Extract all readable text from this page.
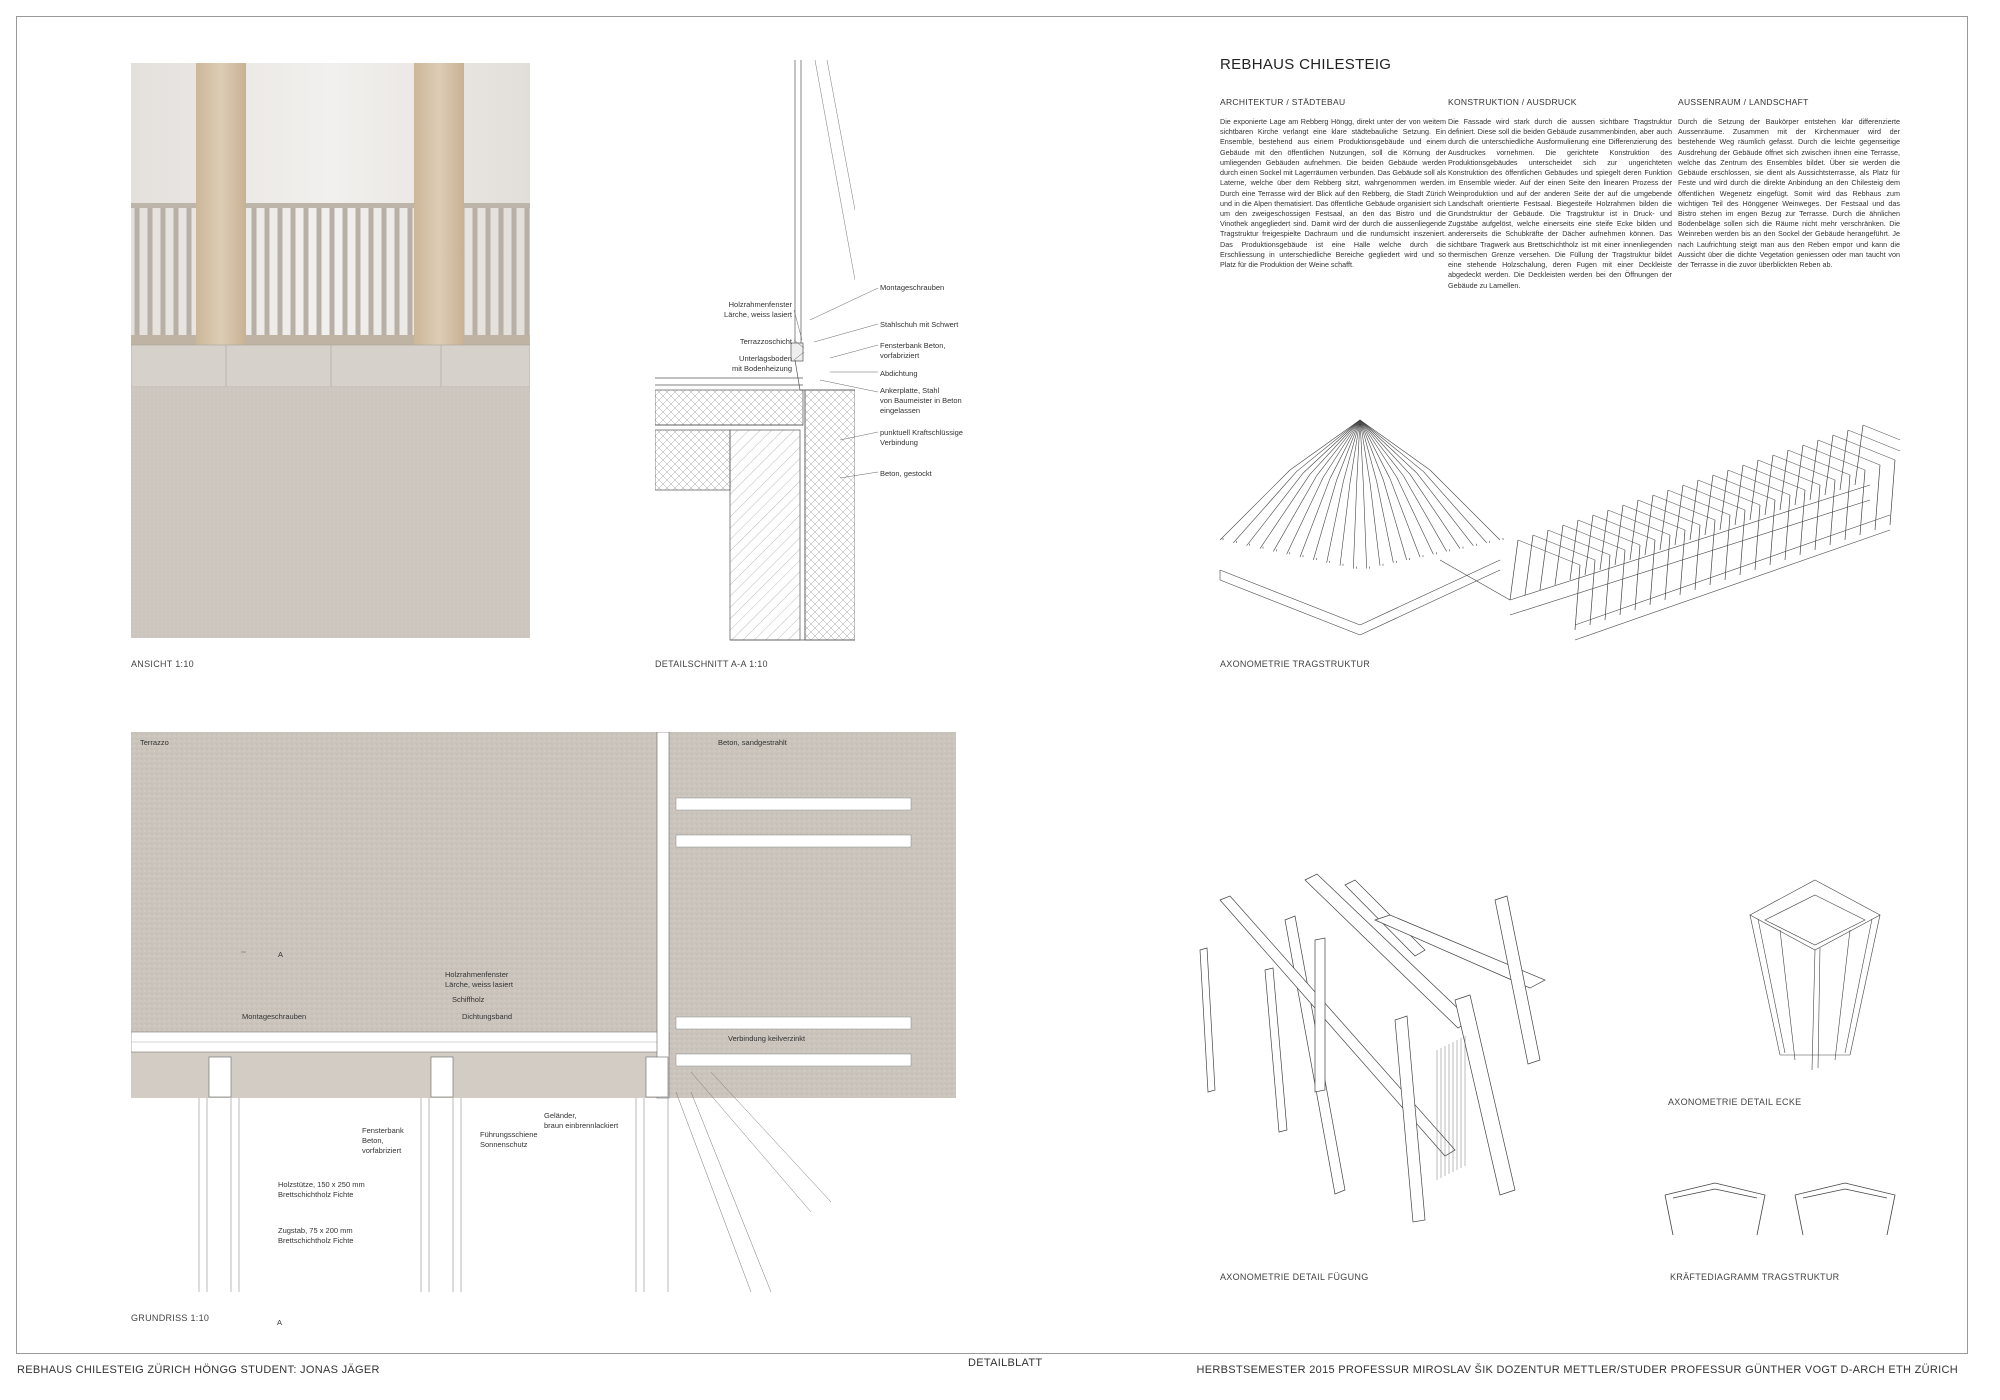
ANSICHT 1:10
Holzrahmenfenster
Lärche, weiss lasiert
Terrazzoschicht
Unterlagsboden
mit Bodenheizung
Montageschrauben
Stahlschuh mit Schwert
Fensterbank Beton,
vorfabriziert
Abdichtung
Ankerplatte, Stahl
von Baumeister in Beton
eingelassen
punktuell Kraftschlüssige
Verbindung
Beton, gestockt
DETAILSCHNITT A-A 1:10
Terrazzo	Beton, sandgestrahlt
A
Holzrahmenfenster
Lärche, weiss lasiert
Schiffholz
Montageschrauben	Dichtungsband
Verbindung keilverzinkt
Fensterbank
Beton,
vorfabriziert
Führungsschiene
Sonnenschutz
Geländer,
braun einbrennlackiert
Holzstütze, 150 x 250 mm
Brettschichtholz Fichte
Zugstab, 75 x 200 mm
Brettschichtholz Fichte
A
GRUNDRISS 1:10
REBHAUS CHILESTEIG
ARCHITEKTUR / STÄDTEBAU

Die exponierte Lage am Rebberg Höngg, direkt unter der von weitem sichtbaren Kirche verlangt eine klare städtebauliche Setzung. Ein Ensemble, bestehend aus einem Produktionsgebäude und einem Gebäude mit den öffentlichen Nutzungen, soll die Körnung der umliegenden Gebäuden aufnehmen. Die beiden Gebäude werden durch einen Sockel mit Lagerräumen verbunden. Das Gebäude soll als Laterne, welche über dem Rebberg sitzt, wahrgenommen werden. Durch eine Terrasse wird der Blick auf den Rebberg, die Stadt Zürich und in die Alpen thematisiert. Das öffentliche Gebäude organisiert sich um den zweigeschossigen Festsaal, an den das Bistro und die Vinothek angegliedert sind. Damit wird der durch die aussenliegende Tragstruktur freigespielte Dachraum und die rundumsicht inszeniert. Das Produktionsgebäude ist eine Halle welche durch die Erschliessung in unterschiedliche Bereiche gegliedert wird und so Platz für die Produktion der Weine schafft.

KONSTRUKTION / AUSDRUCK

Die Fassade wird stark durch die aussen sichtbare Tragstruktur definiert. Diese soll die beiden Gebäude zusammenbinden, aber auch durch die unterschiedliche Ausformulierung eine Differenzierung des Ausdruckes vornehmen. Die gerichtete Konstruktion des Produktionsgebäudes unterscheidet sich zur ungerichteten Konstruktion des öffentlichen Gebäudes und spiegelt deren Funktion im Ensemble wieder. Auf der einen Seite den linearen Prozess der Weinproduktion und auf der anderen Seite der auf die umgebende Landschaft orientierte Festsaal. Biegesteife Holzrahmen bilden die Grundstruktur der Gebäude. Die Tragstruktur ist in Druck- und Zugstäbe aufgelöst, welche einerseits eine steife Ecke bilden und andererseits die Schubkräfte der Dächer aufnehmen können. Das sichtbare Tragwerk aus Brettschichtholz ist mit einer innenliegenden thermischen Grenze versehen. Die Füllung der Tragstruktur bildet eine stehende Holzschalung, deren Fugen mit einer Deckleiste abgedeckt werden. Die Deckleisten werden bei den Öffnungen der Gebäude zu Lamellen.

AUSSENRAUM / LANDSCHAFT

Durch die Setzung der Baukörper entstehen klar differenzierte Aussenräume. Zusammen mit der Kirchenmauer wird der bestehende Weg räumlich gefasst. Durch die leichte gegenseitige Ausdrehung der Gebäude öffnet sich zwischen ihnen eine Terrasse, welche das Zentrum des Ensembles bildet. Über sie werden die Gebäude erschlossen, sie dient als Aussichtsterrasse, als Platz für Feste und wird durch die direkte Anbindung an den Chilesteig dem öffentlichen Wegenetz eingefügt. Somit wird das Rebhaus zum wichtigen Teil des Hönggener Weinweges. Der Festsaal und das Bistro stehen im engen Bezug zur Terrasse. Durch die ähnlichen Bodenbeläge sollen sich die Räume nicht mehr verschränken. Die Weinreben werden bis an den Sockel der Gebäude herangeführt. Je nach Laufrichtung steigt man aus den Reben empor und kann die Aussicht über die dichte Vegetation geniessen oder man taucht von der Terrasse in die zuvor überblickten Reben ab.

AXONOMETRIE TRAGSTRUKTUR
AXONOMETRIE DETAIL FÜGUNG
AXONOMETRIE DETAIL ECKE
KRÄFTEDIAGRAMM TRAGSTRUKTUR
REBHAUS CHILESTEIG ZÜRICH HÖNGG STUDENT: JONAS JÄGER
DETAILBLATT
HERBSTSEMESTER 2015 PROFESSUR MIROSLAV ŠIK DOZENTUR METTLER/STUDER PROFESSUR GÜNTHER VOGT D-ARCH ETH ZÜRICH
